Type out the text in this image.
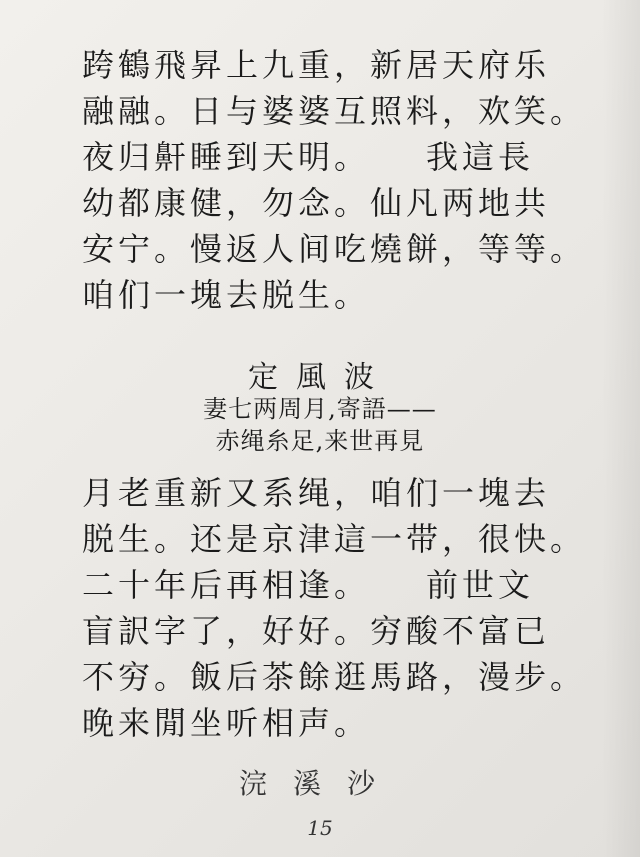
跨鶴飛昇上九重，新居天府乐
融融。日与婆婆互照料，欢笑。
夜归鼾睡到天明。　　我這長
幼都康健，勿念。仙凡两地共
安宁。慢返人间吃燒餅，等等。
咱们一塊去脱生。
定風波
妻七两周月,寄語——
赤绳糸足,来世再見
月老重新又系绳，咱们一塊去
脱生。还是京津這一带，很快。
二十年后再相逢。　　前世文
盲訳字了，好好。穷酸不富已
不穷。飯后茶餘逛馬路，漫步。
晚来閒坐听相声。
浣溪沙
15
